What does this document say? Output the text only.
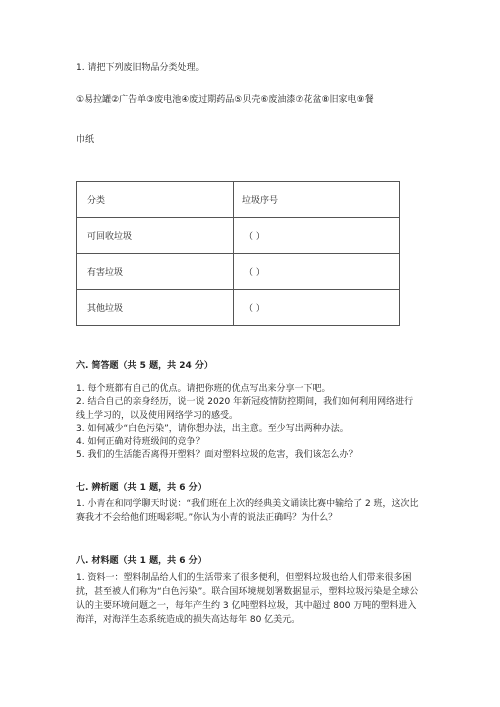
1. 请把下列废旧物品分类处理。

①易拉罐②广告单③废电池④废过期药品⑤贝壳⑥废油漆⑦花盆⑧旧家电⑨餐

巾纸

分类	垃圾序号
可回收垃圾	（ ）
有害垃圾	（ ）
其他垃圾	（ ）

六. 简答题（共 5 题，共 24 分）

1. 每个班都有自己的优点。请把你班的优点写出来分享一下吧。
2. 结合自己的亲身经历，说一说 2020 年新冠疫情防控期间，我们如何利用网络进行线上学习的，以及使用网络学习的感受。
3. 如何减少“白色污染”，请你想办法，出主意。至少写出两种办法。
4. 如何正确对待班级间的竞争？
5. 我们的生活能否离得开塑料？面对塑料垃圾的危害，我们该怎么办？

七. 辨析题（共 1 题，共 6 分）

1. 小青在和同学聊天时说：“我们班在上次的经典美文诵读比赛中输给了 2 班，这次比赛我才不会给他们班喝彩呢。”你认为小青的说法正确吗？为什么？

八. 材料题（共 1 题，共 6 分）

1. 资料一：塑料制品给人们的生活带来了很多便利，但塑料垃圾也给人们带来很多困扰，甚至被人们称为“白色污染”。联合国环境规划署数据显示，塑料垃圾污染是全球公认的主要环境问题之一，每年产生约 3 亿吨塑料垃圾，其中超过 800 万吨的塑料进入海洋，对海洋生态系统造成的损失高达每年 80 亿美元。
